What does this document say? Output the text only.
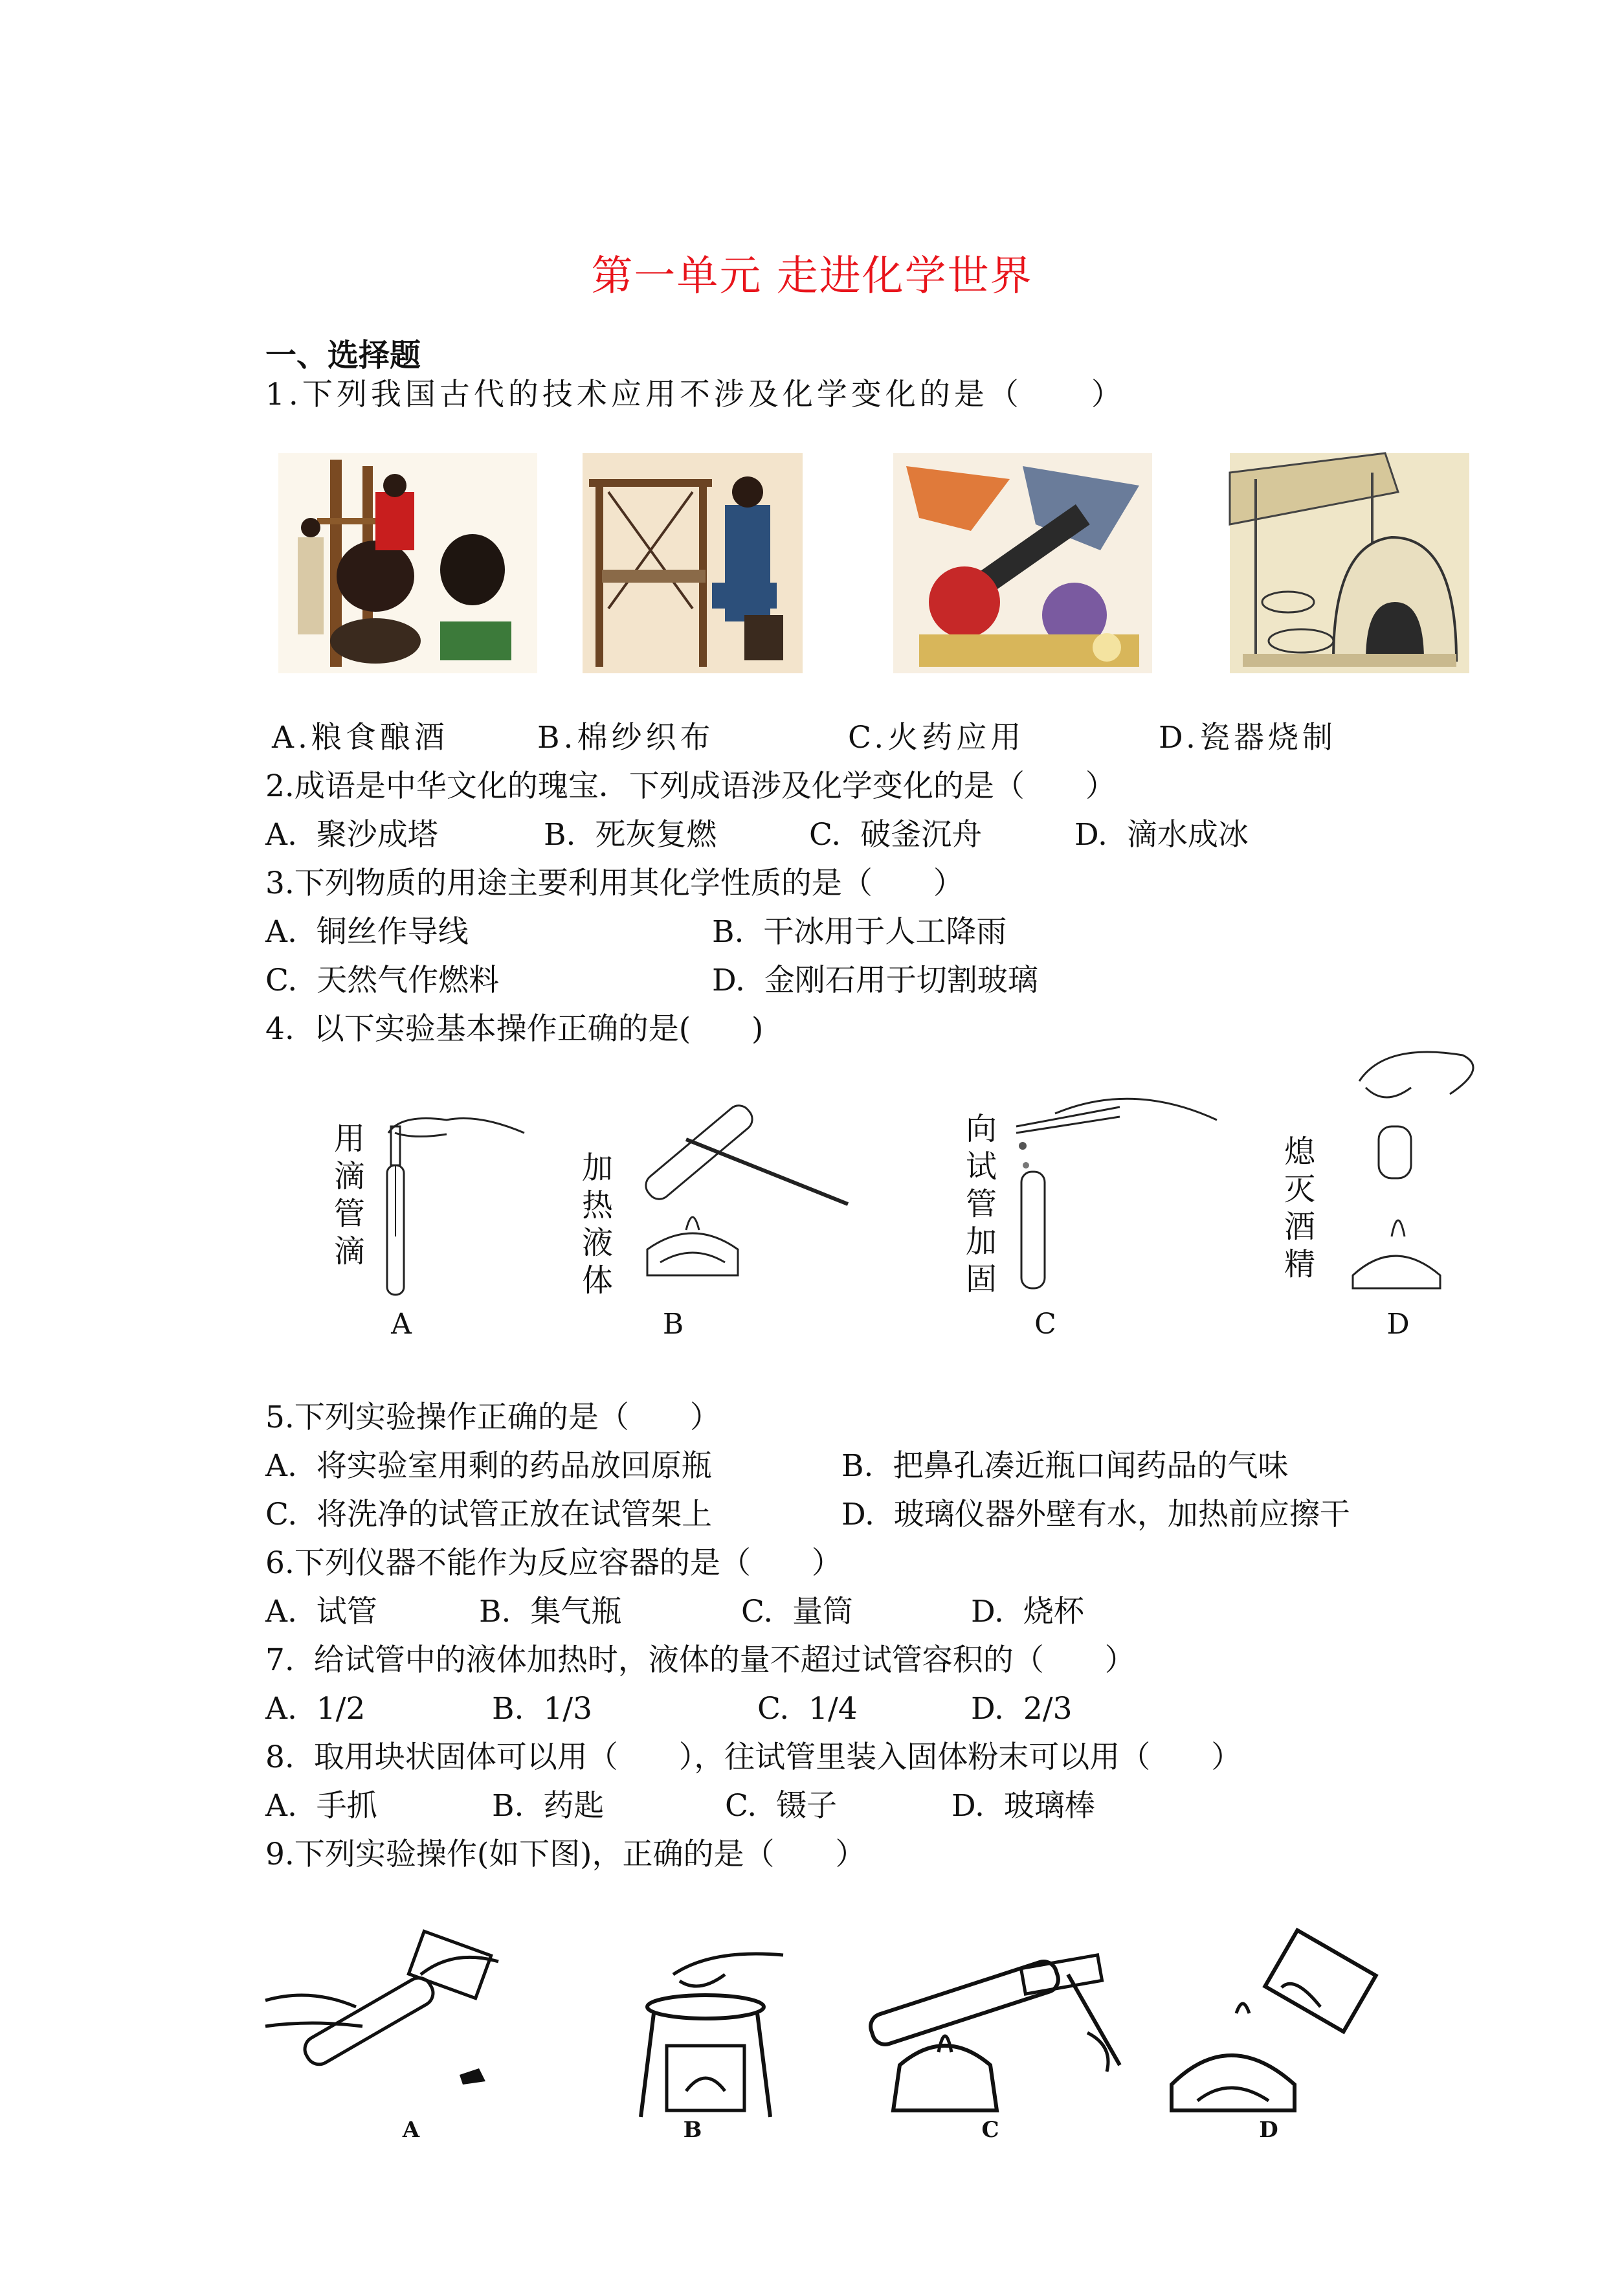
第一单元 走进化学世界
一、选择题
1.下列我国古代的技术应用不涉及化学变化的是（　　）
A.粮食酿酒	B.棉纱织布	C.火药应用	D.瓷器烧制
2.成语是中华文化的瑰宝．下列成语涉及化学变化的是（　　）
A.  聚沙成塔	B.  死灰复燃	C.  破釜沉舟	D.  滴水成冰
3.下列物质的用途主要利用其化学性质的是（　　）
A.  铜丝作导线	B.  干冰用于人工降雨
C.  天然气作燃料	D.  金刚石用于切割玻璃
4.  以下实验基本操作正确的是(　　)
用滴管滴
A
加热液体
B
向试管加固
C
熄灭酒精
D
5.下列实验操作正确的是（　　）
A.  将实验室用剩的药品放回原瓶	B.  把鼻孔凑近瓶口闻药品的气味
C.  将洗净的试管正放在试管架上	D.  玻璃仪器外壁有水，加热前应擦干
6.下列仪器不能作为反应容器的是（　　）
A.  试管	B.  集气瓶	C.  量筒	D.  烧杯
7.  给试管中的液体加热时，液体的量不超过试管容积的（　　）
A.  1/2	B.  1/3	C.  1/4	D.  2/3
8.  取用块状固体可以用（　　），往试管里装入固体粉末可以用（　　）
A.  手抓	B.  药匙	C.  镊子	D.  玻璃棒
9.下列实验操作(如下图)，正确的是（　　）
A	B	C	D
